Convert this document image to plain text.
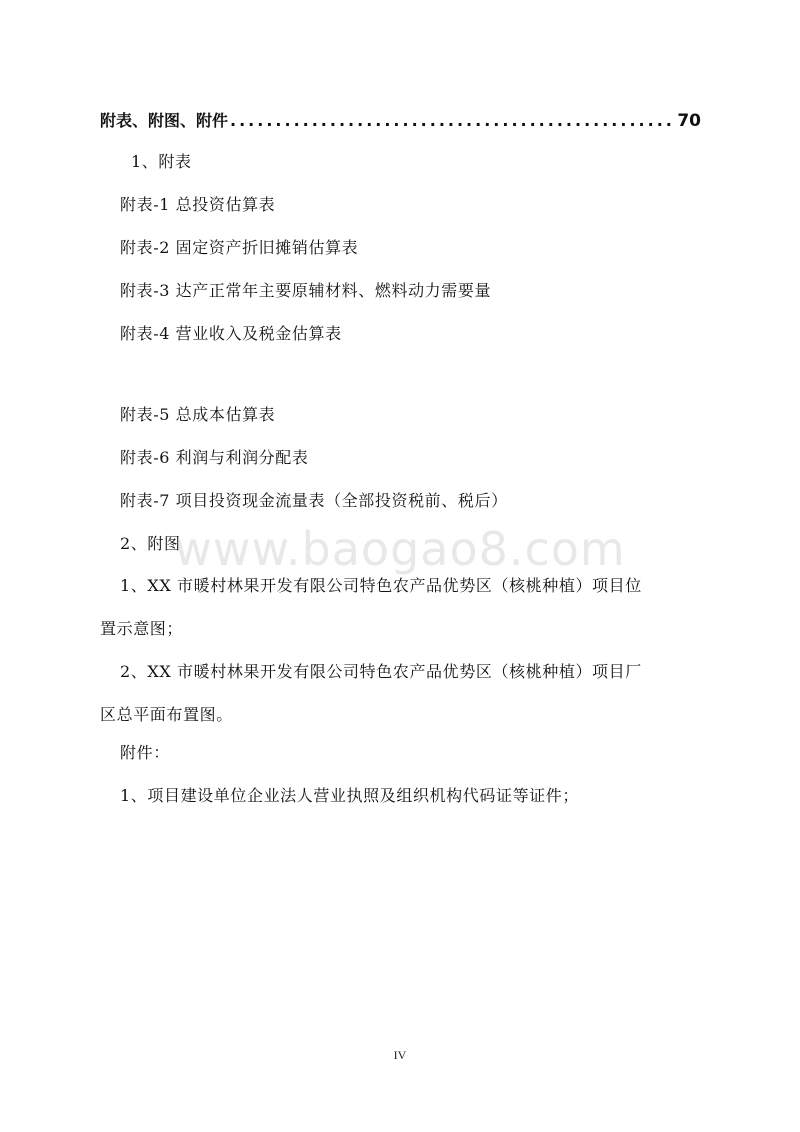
附表、附图、附件
.....	70
1、附表
附表-1 总投资估算表
附表-2 固定资产折旧摊销估算表
附表-3 达产正常年主要原辅材料、燃料动力需要量
附表-4 营业收入及税金估算表
附表-5 总成本估算表
附表-6 利润与利润分配表
附表-7 项目投资现金流量表（全部投资税前、税后）
2、附图
1、XX 市暖村林果开发有限公司特色农产品优势区（核桃种植）项目位
置示意图；
2、XX 市暖村林果开发有限公司特色农产品优势区（核桃种植）项目厂
区总平面布置图。
附件：
1、项目建设单位企业法人营业执照及组织机构代码证等证件；
www.baogao8.com
IV
